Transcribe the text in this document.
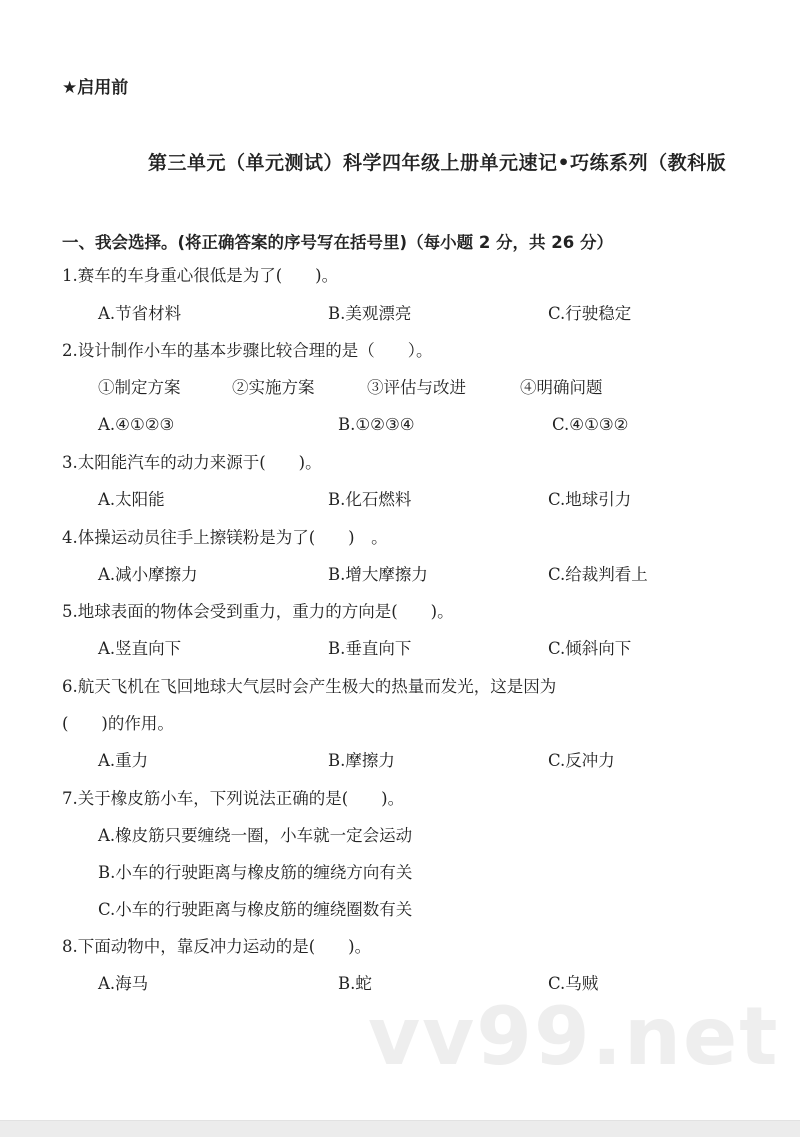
★启用前
第三单元（单元测试）科学四年级上册单元速记•巧练系列（教科版
一、我会选择。(将正确答案的序号写在括号里)（每小题 2 分，共 26 分）
1.赛车的车身重心很低是为了(　　)。
A.节省材料	B.美观漂亮	C.行驶稳定
2.设计制作小车的基本步骤比较合理的是（　　）。
①制定方案	②实施方案	③评估与改进	④明确问题
A.④①②③	B.①②③④	C.④①③②
3.太阳能汽车的动力来源于(　　)。
A.太阳能	B.化石燃料	C.地球引力
4.体操运动员往手上擦镁粉是为了(　　)　。
A.减小摩擦力	B.增大摩擦力	C.给裁判看上
5.地球表面的物体会受到重力，重力的方向是(　　)。
A.竖直向下	B.垂直向下	C.倾斜向下
6.航天飞机在飞回地球大气层时会产生极大的热量而发光，这是因为
(　　)的作用。
A.重力	B.摩擦力	C.反冲力
7.关于橡皮筋小车，下列说法正确的是(　　)。
A.橡皮筋只要缠绕一圈，小车就一定会运动
B.小车的行驶距离与橡皮筋的缠绕方向有关
C.小车的行驶距离与橡皮筋的缠绕圈数有关
8.下面动物中，靠反冲力运动的是(　　)。
A.海马	B.蛇	C.乌贼
vv99.net
